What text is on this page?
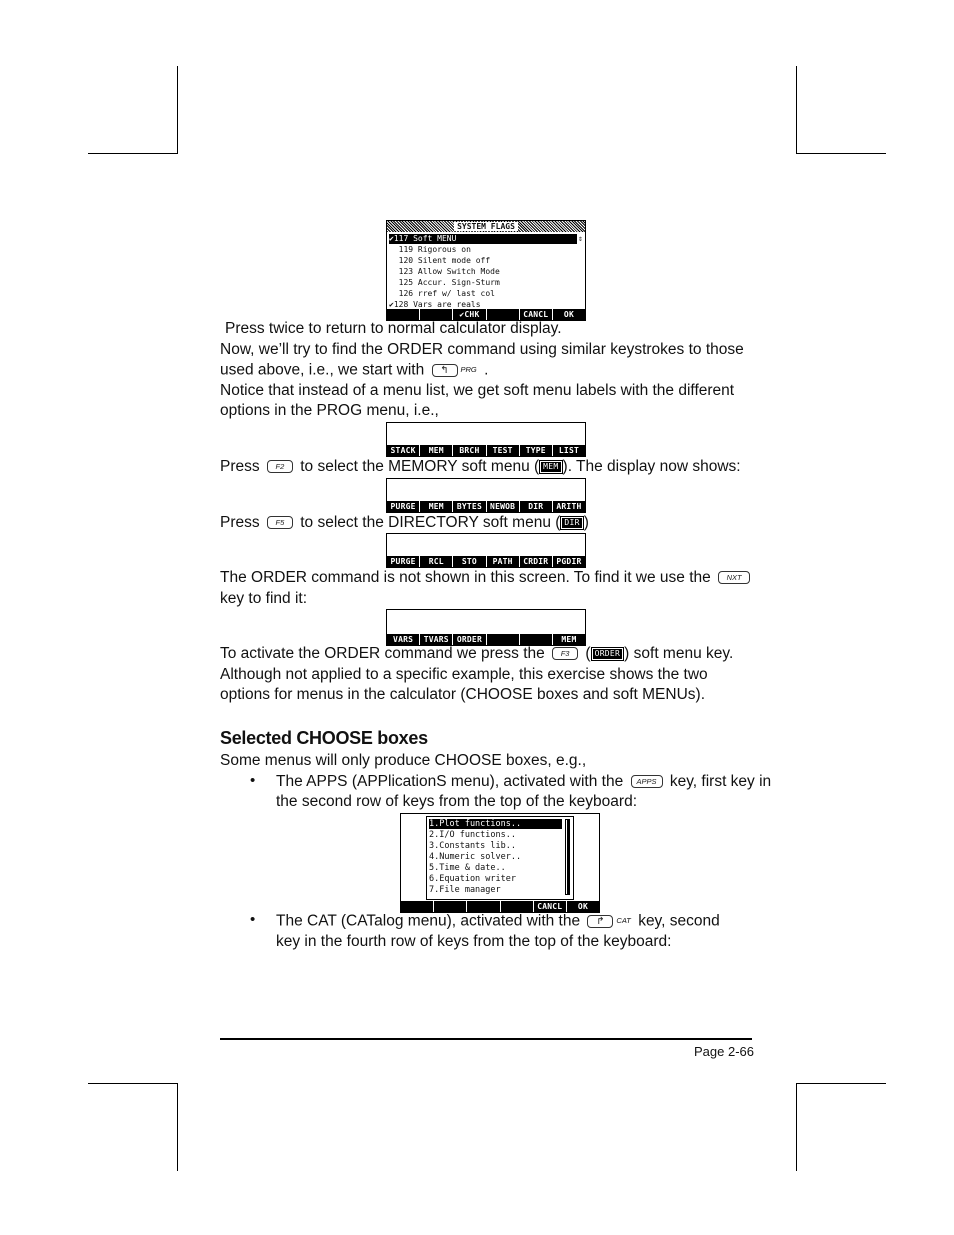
SYSTEM FLAGS
✔117 Soft MENU
119 Rigorous on
120 Silent mode off
123 Allow Switch Mode
125 Accur. Sign-Sturm
126 rref w/ last col
✔128 Vars are reals
⇕
✔CHK	CANCL	OK
Press twice to return to normal calculator display.
Now, we’ll try to find the ORDER command using similar keystrokes to those
used above, i.e., we start with ↰ PRG .
Notice that instead of a menu list, we get soft menu labels with the different
options in the PROG menu, i.e.,
STACK	MEM	BRCH	TEST	TYPE	LIST
Press F2 to select the MEMORY soft menu ( MEM ). The display now shows:
PURGE	MEM	BYTES	NEWOB	DIR	ARITH
Press F5 to select the DIRECTORY soft menu ( DIR )
PURGE	RCL	STO	PATH	CRDIR	PGDIR
The ORDER command is not shown in this screen. To find it we use the NXT
key to find it:
VARS	TVARS	ORDER	MEM
To activate the ORDER command we press the F3 ( ORDER ) soft menu key.
Although not applied to a specific example, this exercise shows the two
options for menus in the calculator (CHOOSE boxes and soft MENUs).
Selected CHOOSE boxes
Some menus will only produce CHOOSE boxes, e.g.,
• The APPS (APPlicationS menu), activated with the APPS key, first key in
the second row of keys from the top of the keyboard:
1.Plot functions..
2.I/O functions..
3.Constants lib..
4.Numeric solver..
5.Time & date..
6.Equation writer
7.File manager
CANCL	OK
• The CAT (CATalog menu), activated with the ↱ CAT key, second
key in the fourth row of keys from the top of the keyboard:
Page 2-66
